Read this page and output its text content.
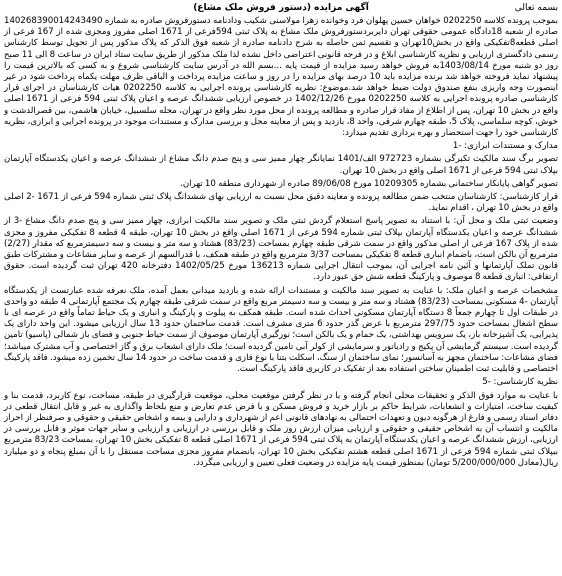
بسمه تعالی
آگهی مزایده (دستور فروش ملک مشاع)

بموجب پرونده کلاسه 0202250 خواهان حسین پهلوان فرد وخوانده زهرا مولاسنی شکیب ودادنامه دستورفروش صادره به شماره 140268390014243490 صادره از شعبه 18دادگاه عمومی حقوقی تهران دایربردستورفروش ملک مشاع به پلاک ثبتی 594فرعی از 1671 اصلی مفروز ومجزی شده از 167 فرعی از اصلی قطعه8تفکیکی واقع در بخش10تهران و تقسیم ثمن حاصله به شرح دادنامه صادره از شعبه فوق الذکر که پلاک مذکور پس از تحویل توسط کارشناس رسمی دادگستری ارزیابی و نظریه کارشناسی ابلاغ و در فرجه قانونی اعتراضی داخل نشده لذا ملک مذکور از طریق سایت ستاد ایران در ساعت 8 الی 11 صبح روز دو شنبه مورخ 1403/08/14به فروش خواهد رسید مزایده از قیمت پایه ...بسم الله در آدرس سایت کارشناسی شروع و به کسی که بالاترین قیمت را پیشنهاد نماید فروخته خواهد شد برنده مزایده باید 10 درصد بهای مزایده را در روز و ساعت مزایده پرداخت و الباقی ظرف مهلت یکماه پرداخت شود در غیر اینصورت وجه واریزی بنفع صندوق دولت ضبط خواهد شد.موضوع: نظریه کارشناسی پرونده اجرایی به کلاسه 0202250 هیات کارشناسان در اجرای قرار کارشناسی صادره پرونده اجرایی به کلاسه 0202250 مورخ 1402/12/26 در خصوص ارزیابی ششدانگ عرصه و اعیان پلاک ثبتی 594 فرعی از 1671 اصلی واقع در بخش 10 تهران، پس از اطلاع از مفاد قرار صادره و مطالعه پرونده از محل مورد نظر واقع در تهران، محله سلسبیل، خیابان هاشمی، بین قصرالدشت و خوش، کوچه سلماسی، پلاک 5، طبقه چهارم شرقی، واحد 8، بازدید و پس از معاینه محل و بررسی مدارک و مستندات موجود در پرونده اجرایی و ابرازی، نظریه کارشناسی خود را جهت استحضار و بهره برداری تقدیم میدارد:

مدارک و مستندات ابرازی: -1

تصویر برگ سند مالکیت تکبرگی بشماره 972723 الف/1401 نمایانگر چهار ممیز سی و پنج صدم دانگ مشاع از ششدانگ عرصه و اعیان یکدستگاه آپارتمان بپلاک ثبتی 594 فرعی از 1671 اصلی واقع در بخش 10 تهران.

تصویر گواهی پایانکار ساختمانی بشماره 10209305 مورخ 89/06/08 صادره از شهرداری منطقه 10 تهران.

قرار کارشناسی: کارشناسان منتخب ضمن مطالعه پرونده و معاینه دقیق محل نسبت به ارزیابی بهای ششدانگ پلاک ثبتی شماره 594 فرعی از 1671 -2 اصلی واقع در بخش 10 تهران ، اقدام نماید.

وضعیت ثبتی ملک و محل آن: با استناد به تصویر پاسخ استعلام گردش ثبتی ملک و تصویر سند مالکیت ابرازی، چهار ممیز سی و پنج صدم دانگ مشاع -3 از ششدانگ عرصه و اعیان یکدستگاه آپارتمان بپلاک ثبتی شماره 594 فرعی از 1671 اصلی واقع در بخش 10 تهران، طبقه 4 قطعه 8 تفکیکی مفروز و مجزی شده از پلاک 167 فرعی از اصلی مذکور واقع در سمت شرقی طبقه چهارم بمساحت (83/23) هشتاد و سه متر و بیست و سه دسیمترمربع که مقدار (2/27) مترمربع آن بالکن است، باضمام انباری قطعه 8 تفکیکی بمساحت 3/37 مترمربع واقع در طبقه همکف، با قدرالسهم از عرصه و سایر مشاعات و مشترکات طبق قانون تملک آپارتمانها و آئین نامه اجرایی آن، بموجب انتقال اجرایی شماره 136213 مورخ 1402/05/25 دفترخانه 420 تهران ثبت گردیده است. حقوق ارتفاقی: انباری قطعه 8 موصوف و پارکینگ قطعه شش حق عبور دارد.

مشخصات عرصه و اعیان ملک: با عنایت به تصویر سند مالکیت و مستندات ارائه شده و بازدید میدانی بعمل آمده، ملک نعرفه شده عبارتست از یکدستگاه آپارتمان -4 مسکونی بمساحت (83/23) هشتاد و سه متر و بیست و سه دسیمتر مربع واقع در سمت شرقی طبقه چهارم یک مجتمع آپارتمانی 4 طبقه دو واحدی در طبقات اول تا چهارم جمعاً 8 دستگاه آپارتمان مسکونی احداث شده است. طبقه همکف به پیلوت و پارکینگ و انباری و یک حیاط تماماً واقع در عرصه ای با سطح اشغال بمساحت حدود 297/75 مترمربع با عرض گذر حدود 6 متری مشرف است. قدمت ساختمان حدود 13 سال ارزیابی میشود. این واحد دارای یک پذیرایی، یک آشپزخانه باز، یک سرویس بهداشتی، یک حمام و یک بالکن است؛ نورگیری آپارتمان موصوف از سمت حیاط جنوبی و فضای باز شمالی (پاسیو) تامین گردیده است. سیستم گرمایشی آن پکیج و رادیاتور و سرمایشی از کولر آبی تامین گردیده است؛ ملک دارای انشعاب برق و گاز اختصاصی و آب مشترک میباشد؛ فضای مشاعات: ساختمان مجهز به آسانسور؛ نمای ساختمان از سنگ، اسکلت بتنا با نوع فازی و قدمت ساخت در حدود 14 سال تخمین زده میشود. فاقد پارکینگ اختصاصی و قابلیت ثبت اطمینان ساختن استفاده بعد از تفکیک در کاربری فاقد پارکینگ است.

نظریه کارشناسی: -5

با عنایت به موارد فوق الذکر و تحقیقات محلی انجام گرفته و با در نظر گرفتن موقعیت محلی، موقعیت قرارگیری در طبقه، مساحت، نوع کاربرد، قدمت بنا و کیفیت ساخت، امتیازات و انشعابات، شرایط حاکم بر بازار خرید و فروش مسکن و با فرض عدم تعارض و منع بلحاظ واگذاری به غیر و قابل انتقال قطعی در دفاتر اسناد رسمی و فارغ از هرگونه دیون و تعهدات احتمالی به نهادهای قانونی اعم از شهرداری و دارایی و بیمه و اشخاص حقیقی و حقوقی و صرفنظر از احراز مالکیت و انتساب آن به اشخاص حقیقی و حقوقی و ارزیابی میزان ارزش روز ملک و قابل بررسی در ارزیابی و ارزیابی و سایر جهات موثر و قابل بررسی در ارزیابی، ارزش ششدانگ عرصه و اعیان یکدستگاه آپارتمان به پلاک ثبتی 594 فرعی از 1671 اصلی قطعه 8 تفکیکی بخش 10 تهران، بمساحت 83/23 مترمربع ببپلاک ثبتی شماره 594 فرعی از 1671 اصلی قطعه هشتم تفکیکی بخش 10 تهران، بانضمام مفروز مجزی مساحت مستقل را با آن بمبلغ پنجاه و دو میلیارد ریال(معادل 5/200/000/000 تومان) بمنظور قیمت پایه مزایده در وضعیت فعلی تعیین و ارزیابی میگردد.
